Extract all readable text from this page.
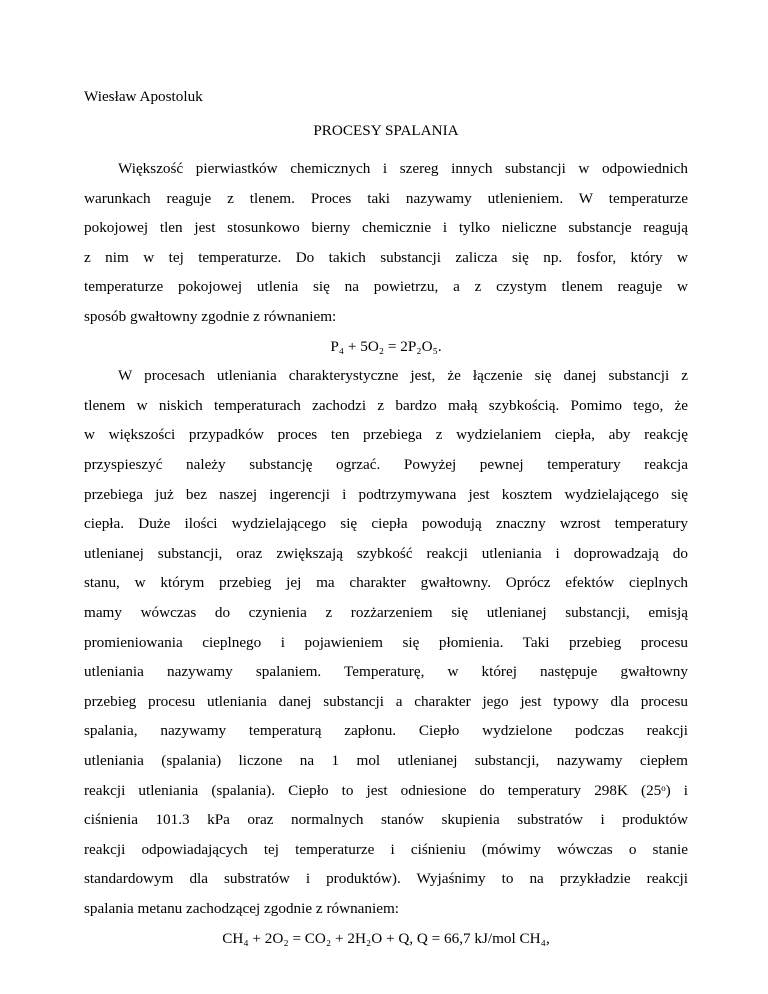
Wiesław Apostoluk
PROCESY SPALANIA
Większość pierwiastków chemicznych i szereg innych substancji w odpowiednich
warunkach reaguje z tlenem. Proces taki nazywamy utlenieniem. W temperaturze
pokojowej tlen jest stosunkowo bierny chemicznie i tylko nieliczne substancje reagują
z nim w tej temperaturze. Do takich substancji zalicza się np. fosfor, który w
temperaturze pokojowej utlenia się na powietrzu, a z czystym tlenem reaguje w
sposób gwałtowny zgodnie z równaniem:
P₄ + 5O₂ = 2P₂O₅.
W procesach utleniania charakterystyczne jest, że łączenie się danej substancji z
tlenem w niskich temperaturach zachodzi z bardzo małą szybkością. Pomimo tego, że
w większości przypadków proces ten przebiega z wydzielaniem ciepła, aby reakcję
przyspieszyć należy substancję ogrzać. Powyżej pewnej temperatury reakcja
przebiega już bez naszej ingerencji i podtrzymywana jest kosztem wydzielającego się
ciepła. Duże ilości wydzielającego się ciepła powodują znaczny wzrost temperatury
utlenianej substancji, oraz zwiększają szybkość reakcji utleniania i doprowadzają do
stanu, w którym przebieg jej ma charakter gwałtowny. Oprócz efektów cieplnych
mamy wówczas do czynienia z rozżarzeniem się utlenianej substancji, emisją
promieniowania cieplnego i pojawieniem się płomienia. Taki przebieg procesu
utleniania nazywamy spalaniem. Temperaturę, w której następuje gwałtowny
przebieg procesu utleniania danej substancji a charakter jego jest typowy dla procesu
spalania, nazywamy temperaturą zapłonu. Ciepło wydzielone podczas reakcji
utleniania (spalania) liczone na 1 mol utlenianej substancji, nazywamy ciepłem
reakcji utleniania (spalania). Ciepło to jest odniesione do temperatury 298K (25ᵒ) i
ciśnienia 101.3 kPa oraz normalnych stanów skupienia substratów i produktów
reakcji odpowiadających tej temperaturze i ciśnieniu (mówimy wówczas o stanie
standardowym dla substratów i produktów). Wyjaśnimy to na przykładzie reakcji
spalania metanu zachodzącej zgodnie z równaniem:
CH₄ + 2O₂ = CO₂ + 2H₂O + Q, Q = 66,7 kJ/mol CH₄,
